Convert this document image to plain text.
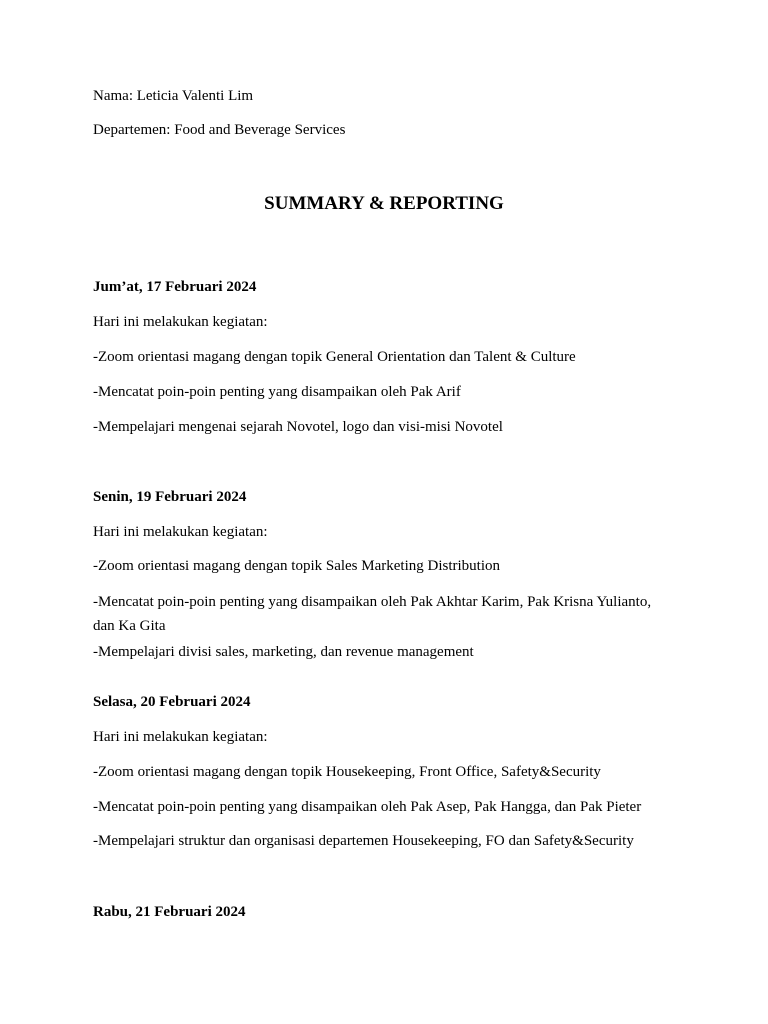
Nama: Leticia Valenti Lim
Departemen: Food and Beverage Services
SUMMARY & REPORTING
Jum’at, 17 Februari 2024
Hari ini melakukan kegiatan:
-Zoom orientasi magang dengan topik General Orientation dan Talent & Culture
-Mencatat poin-poin penting yang disampaikan oleh Pak Arif
-Mempelajari mengenai sejarah Novotel, logo dan visi-misi Novotel
Senin, 19 Februari 2024
Hari ini melakukan kegiatan:
-Zoom orientasi magang dengan topik Sales Marketing Distribution
-Mencatat poin-poin penting yang disampaikan oleh Pak Akhtar Karim, Pak Krisna Yulianto,
dan Ka Gita
-Mempelajari divisi sales, marketing, dan revenue management
Selasa, 20 Februari 2024
Hari ini melakukan kegiatan:
-Zoom orientasi magang dengan topik Housekeeping, Front Office, Safety&Security
-Mencatat poin-poin penting yang disampaikan oleh Pak Asep, Pak Hangga, dan Pak Pieter
-Mempelajari struktur dan organisasi departemen Housekeeping, FO dan Safety&Security
Rabu, 21 Februari 2024
